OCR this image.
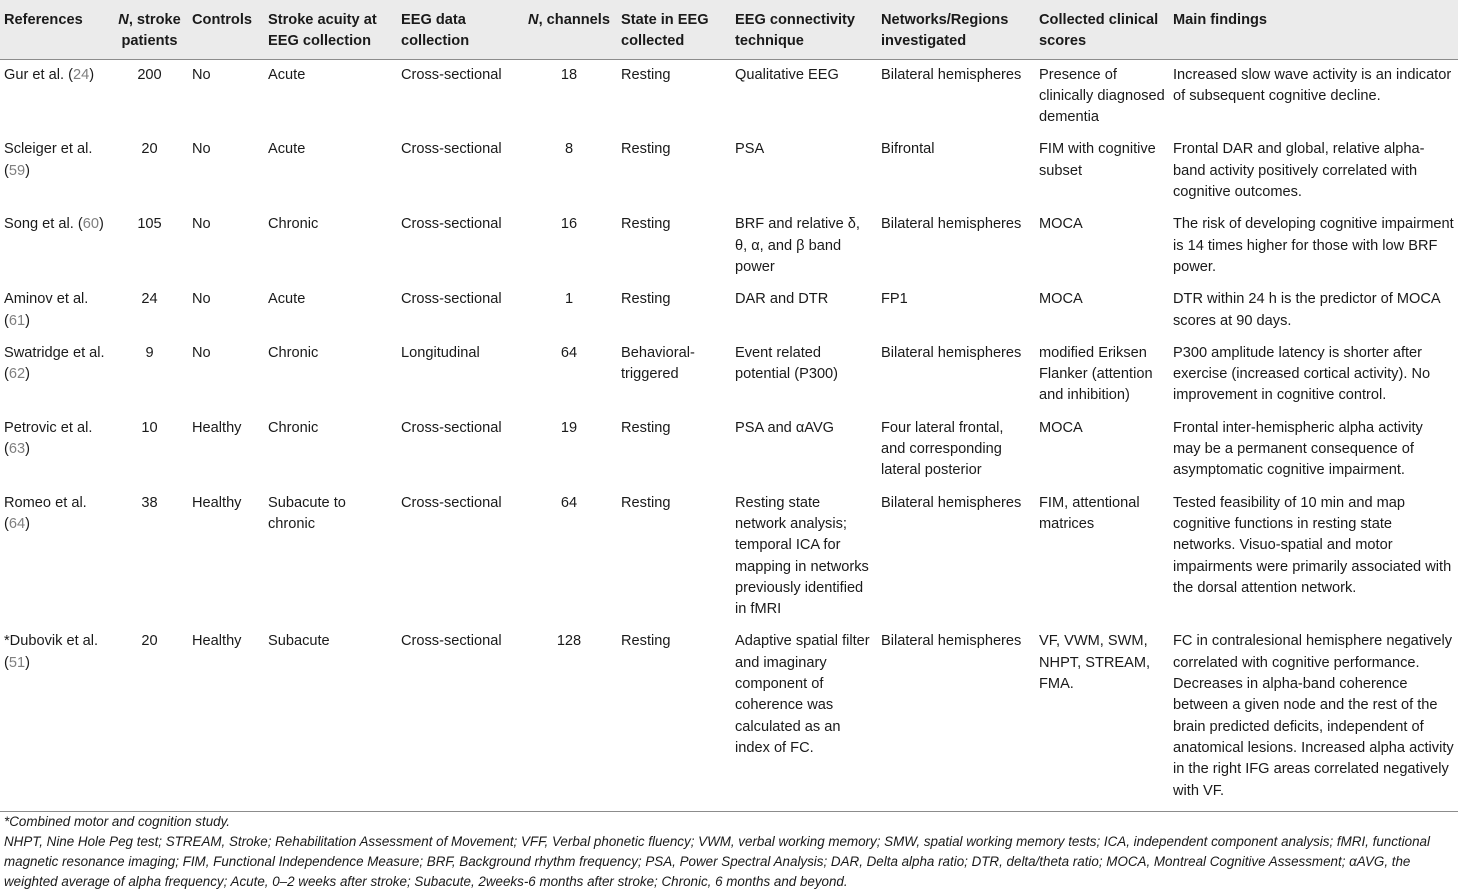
References	N, stroke patients	Controls	Stroke acuity at EEG collection	EEG data collection	N, channels	State in EEG collected	EEG connectivity technique	Networks/Regions investigated	Collected clinical scores	Main findings
Gur et al. (24)	200	No	Acute	Cross-sectional	18	Resting	Qualitative EEG	Bilateral hemispheres	Presence of clinically diagnosed dementia	Increased slow wave activity is an indicator of subsequent cognitive decline.
Scleiger et al. (59)	20	No	Acute	Cross-sectional	8	Resting	PSA	Bifrontal	FIM with cognitive subset	Frontal DAR and global, relative alpha-band activity positively correlated with cognitive outcomes.
Song et al. (60)	105	No	Chronic	Cross-sectional	16	Resting	BRF and relative δ, θ, α, and β band power	Bilateral hemispheres	MOCA	The risk of developing cognitive impairment is 14 times higher for those with low BRF power.
Aminov et al. (61)	24	No	Acute	Cross-sectional	1	Resting	DAR and DTR	FP1	MOCA	DTR within 24 h is the predictor of MOCA scores at 90 days.
Swatridge et al. (62)	9	No	Chronic	Longitudinal	64	Behavioral-triggered	Event related potential (P300)	Bilateral hemispheres	modified Eriksen Flanker (attention and inhibition)	P300 amplitude latency is shorter after exercise (increased cortical activity). No improvement in cognitive control.
Petrovic et al. (63)	10	Healthy	Chronic	Cross-sectional	19	Resting	PSA and αAVG	Four lateral frontal, and corresponding lateral posterior	MOCA	Frontal inter-hemispheric alpha activity may be a permanent consequence of asymptomatic cognitive impairment.
Romeo et al. (64)	38	Healthy	Subacute to chronic	Cross-sectional	64	Resting	Resting state network analysis; temporal ICA for mapping in networks previously identified in fMRI	Bilateral hemispheres	FIM, attentional matrices	Tested feasibility of 10 min and map cognitive functions in resting state networks. Visuo-spatial and motor impairments were primarily associated with the dorsal attention network.
*Dubovik et al. (51)	20	Healthy	Subacute	Cross-sectional	128	Resting	Adaptive spatial filter and imaginary component of coherence was calculated as an index of FC.	Bilateral hemispheres	VF, VWM, SWM, NHPT, STREAM, FMA.	FC in contralesional hemisphere negatively correlated with cognitive performance. Decreases in alpha-band coherence between a given node and the rest of the brain predicted deficits, independent of anatomical lesions. Increased alpha activity in the right IFG areas correlated negatively with VF.
*Combined motor and cognition study.
NHPT, Nine Hole Peg test; STREAM, Stroke; Rehabilitation Assessment of Movement; VFF, Verbal phonetic fluency; VWM, verbal working memory; SMW, spatial working memory tests; ICA, independent component analysis; fMRI, functional magnetic resonance imaging; FIM, Functional Independence Measure; BRF, Background rhythm frequency; PSA, Power Spectral Analysis; DAR, Delta alpha ratio; DTR, delta/theta ratio; MOCA, Montreal Cognitive Assessment; αAVG, the weighted average of alpha frequency; Acute, 0–2 weeks after stroke; Subacute, 2weeks-6 months after stroke; Chronic, 6 months and beyond.
